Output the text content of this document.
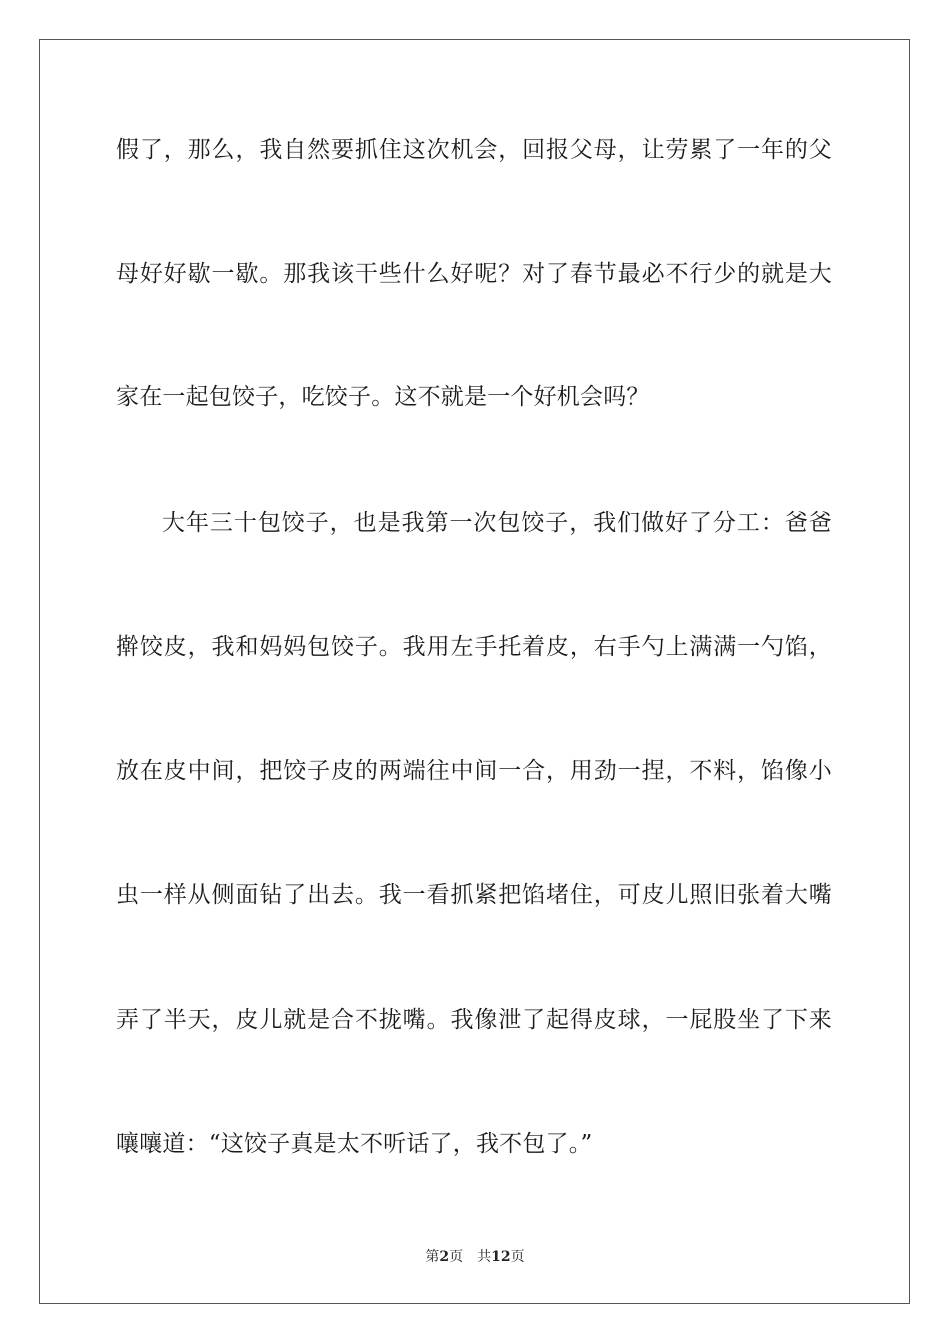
假了，那么，我自然要抓住这次机会，回报父母，让劳累了一年的父
母好好歇一歇。那我该干些什么好呢？对了春节最必不行少的就是大
家在一起包饺子，吃饺子。这不就是一个好机会吗？
大年三十包饺子，也是我第一次包饺子，我们做好了分工：爸爸
擀饺皮，我和妈妈包饺子。我用左手托着皮，右手勺上满满一勺馅，
放在皮中间，把饺子皮的两端往中间一合，用劲一捏，不料，馅像小
虫一样从侧面钻了出去。我一看抓紧把馅堵住，可皮儿照旧张着大嘴
弄了半天，皮儿就是合不拢嘴。我像泄了起得皮球，一屁股坐了下来
嚷嚷道：“这饺子真是太不听话了，我不包了。”
第2页 共12页
